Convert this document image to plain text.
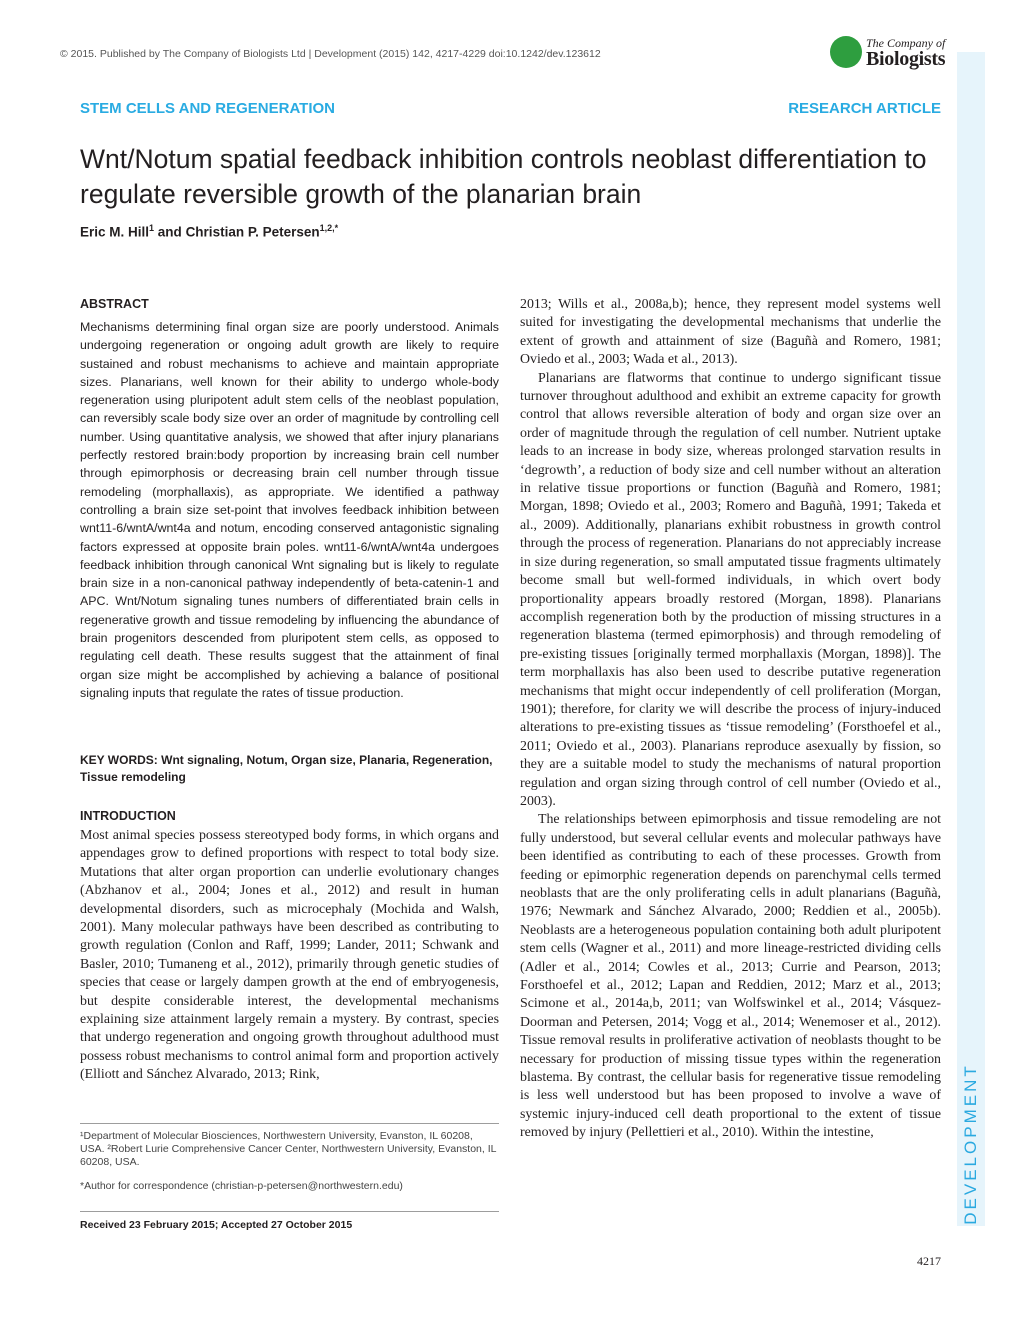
© 2015. Published by The Company of Biologists Ltd | Development (2015) 142, 4217-4229 doi:10.1242/dev.123612
The Company of
Biologists
DEVELOPMENT
STEM CELLS AND REGENERATION	RESEARCH ARTICLE
Wnt/Notum spatial feedback inhibition controls neoblast differentiation to regulate reversible growth of the planarian brain
Eric M. Hill$^1$ and Christian P. Petersen$^{1,2,*}$
ABSTRACT
Mechanisms determining final organ size are poorly understood. Animals undergoing regeneration or ongoing adult growth are likely to require sustained and robust mechanisms to achieve and maintain appropriate sizes. Planarians, well known for their ability to undergo whole-body regeneration using pluripotent adult stem cells of the neoblast population, can reversibly scale body size over an order of magnitude by controlling cell number. Using quantitative analysis, we showed that after injury planarians perfectly restored brain:body proportion by increasing brain cell number through epimorphosis or decreasing brain cell number through tissue remodeling (morphallaxis), as appropriate. We identified a pathway controlling a brain size set-point that involves feedback inhibition between wnt11-6/wntA/wnt4a and notum, encoding conserved antagonistic signaling factors expressed at opposite brain poles. wnt11-6/wntA/wnt4a undergoes feedback inhibition through canonical Wnt signaling but is likely to regulate brain size in a non-canonical pathway independently of beta-catenin-1 and APC. Wnt/Notum signaling tunes numbers of differentiated brain cells in regenerative growth and tissue remodeling by influencing the abundance of brain progenitors descended from pluripotent stem cells, as opposed to regulating cell death. These results suggest that the attainment of final organ size might be accomplished by achieving a balance of positional signaling inputs that regulate the rates of tissue production.
KEY WORDS: Wnt signaling, Notum, Organ size, Planaria, Regeneration, Tissue remodeling
INTRODUCTION

Most animal species possess stereotyped body forms, in which organs and appendages grow to defined proportions with respect to total body size. Mutations that alter organ proportion can underlie evolutionary changes (Abzhanov et al., 2004; Jones et al., 2012) and result in human developmental disorders, such as microcephaly (Mochida and Walsh, 2001). Many molecular pathways have been described as contributing to growth regulation (Conlon and Raff, 1999; Lander, 2011; Schwank and Basler, 2010; Tumaneng et al., 2012), primarily through genetic studies of species that cease or largely dampen growth at the end of embryogenesis, but despite considerable interest, the developmental mechanisms explaining size attainment largely remain a mystery. By contrast, species that undergo regeneration and ongoing growth throughout adulthood must possess robust mechanisms to control animal form and proportion actively (Elliott and Sánchez Alvarado, 2013; Rink,

¹Department of Molecular Biosciences, Northwestern University, Evanston, IL 60208, USA. ²Robert Lurie Comprehensive Cancer Center, Northwestern University, Evanston, IL 60208, USA.

*Author for correspondence (christian-p-petersen@northwestern.edu)

Received 23 February 2015; Accepted 27 October 2015

2013; Wills et al., 2008a,b); hence, they represent model systems well suited for investigating the developmental mechanisms that underlie the extent of growth and attainment of size (Baguñà and Romero, 1981; Oviedo et al., 2003; Wada et al., 2013).

Planarians are flatworms that continue to undergo significant tissue turnover throughout adulthood and exhibit an extreme capacity for growth control that allows reversible alteration of body and organ size over an order of magnitude through the regulation of cell number. Nutrient uptake leads to an increase in body size, whereas prolonged starvation results in ‘degrowth’, a reduction of body size and cell number without an alteration in relative tissue proportions or function (Baguñà and Romero, 1981; Morgan, 1898; Oviedo et al., 2003; Romero and Baguñà, 1991; Takeda et al., 2009). Additionally, planarians exhibit robustness in growth control through the process of regeneration. Planarians do not appreciably increase in size during regeneration, so small amputated tissue fragments ultimately become small but well-formed individuals, in which overt body proportionality appears broadly restored (Morgan, 1898). Planarians accomplish regeneration both by the production of missing structures in a regeneration blastema (termed epimorphosis) and through remodeling of pre-existing tissues [originally termed morphallaxis (Morgan, 1898)]. The term morphallaxis has also been used to describe putative regeneration mechanisms that might occur independently of cell proliferation (Morgan, 1901); therefore, for clarity we will describe the process of injury-induced alterations to pre-existing tissues as ‘tissue remodeling’ (Forsthoefel et al., 2011; Oviedo et al., 2003). Planarians reproduce asexually by fission, so they are a suitable model to study the mechanisms of natural proportion regulation and organ sizing through control of cell number (Oviedo et al., 2003).

The relationships between epimorphosis and tissue remodeling are not fully understood, but several cellular events and molecular pathways have been identified as contributing to each of these processes. Growth from feeding or epimorphic regeneration depends on parenchymal cells termed neoblasts that are the only proliferating cells in adult planarians (Baguñà, 1976; Newmark and Sánchez Alvarado, 2000; Reddien et al., 2005b). Neoblasts are a heterogeneous population containing both adult pluripotent stem cells (Wagner et al., 2011) and more lineage-restricted dividing cells (Adler et al., 2014; Cowles et al., 2013; Currie and Pearson, 2013; Forsthoefel et al., 2012; Lapan and Reddien, 2012; Marz et al., 2013; Scimone et al., 2014a,b, 2011; van Wolfswinkel et al., 2014; Vásquez-Doorman and Petersen, 2014; Vogg et al., 2014; Wenemoser et al., 2012). Tissue removal results in proliferative activation of neoblasts thought to be necessary for production of missing tissue types within the regeneration blastema. By contrast, the cellular basis for regenerative tissue remodeling is less well understood but has been proposed to involve a wave of systemic injury-induced cell death proportional to the extent of tissue removed by injury (Pellettieri et al., 2010). Within the intestine,

4217
